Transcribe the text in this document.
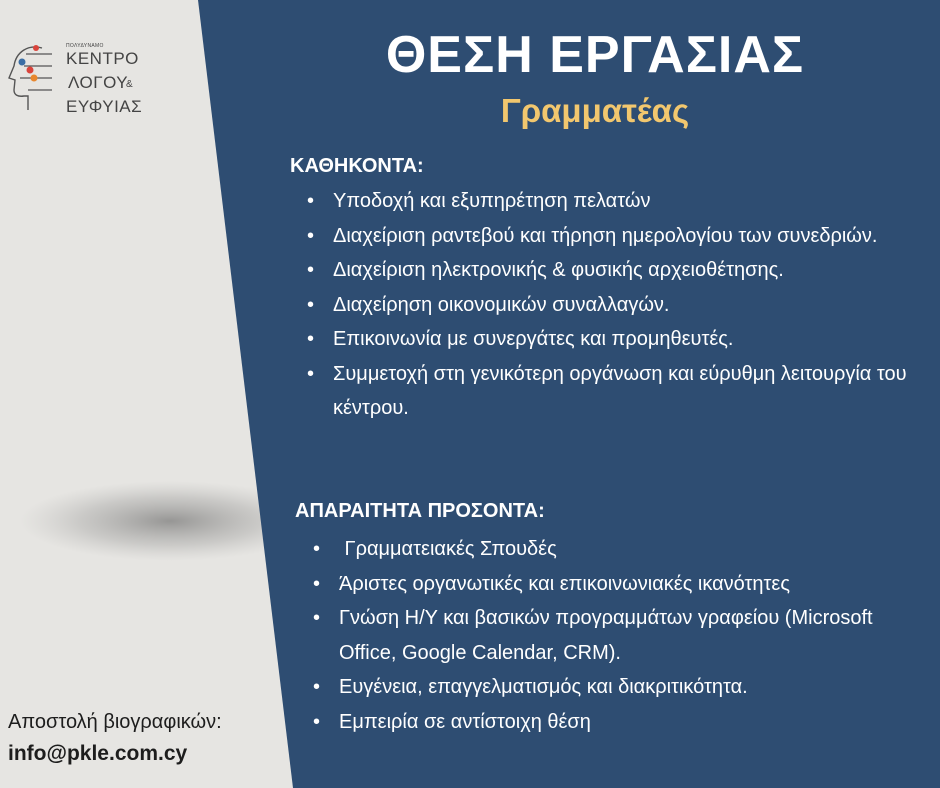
ΠΟΛΥΔΥΝΑΜΟ
ΚΕΝΤΡΟ
ΛΟΓΟΥ
&
ΕΥΦΥΙΑΣ
ΘΕΣΗ ΕΡΓΑΣΙΑΣ
Γραμματέας
ΚΑΘΗΚΟΝΤΑ:
• Υποδοχή και εξυπηρέτηση πελατών
• Διαχείριση ραντεβού και τήρηση ημερολογίου των συνεδριών.
• Διαχείριση ηλεκτρονικής & φυσικής αρχειοθέτησης.
• Διαχείρηση οικονομικών συναλλαγών.
• Επικοινωνία με συνεργάτες και προμηθευτές.
• Συμμετοχή στη γενικότερη οργάνωση και εύρυθμη λειτουργία του κέντρου.
ΑΠΑΡΑΙΤΗΤΑ ΠΡΟΣΟΝΤΑ:
•  Γραμματειακές Σπουδές
• Άριστες οργανωτικές και επικοινωνιακές ικανότητες
• Γνώση Η/Υ και βασικών προγραμμάτων γραφείου (Microsoft Office, Google Calendar, CRM).
• Ευγένεια, επαγγελματισμός και διακριτικότητα.
• Εμπειρία σε αντίστοιχη θέση

Αποστολή βιογραφικών:

info@pkle.com.cy
